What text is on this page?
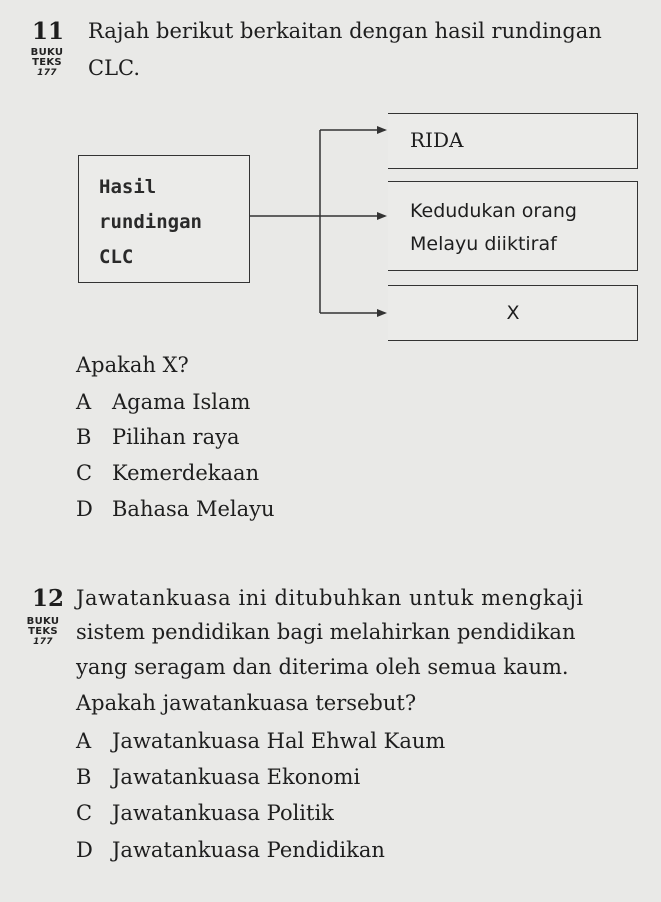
11 Rajah berikut berkaitan dengan hasil rundingan
BUKU
TEKS
177	CLC.
Hasil
rundingan
CLC
RIDA
Kedudukan orang
Melayu diiktiraf
X
Apakah X?
A Agama Islam
B Pilihan raya
C Kemerdekaan
D Bahasa Melayu
12 Jawatankuasa ini ditubuhkan untuk mengkaji
BUKU
TEKS
177	sistem pendidikan bagi melahirkan pendidikan
yang seragam dan diterima oleh semua kaum.
Apakah jawatankuasa tersebut?
A Jawatankuasa Hal Ehwal Kaum
B Jawatankuasa Ekonomi
C Jawatankuasa Politik
D Jawatankuasa Pendidikan
